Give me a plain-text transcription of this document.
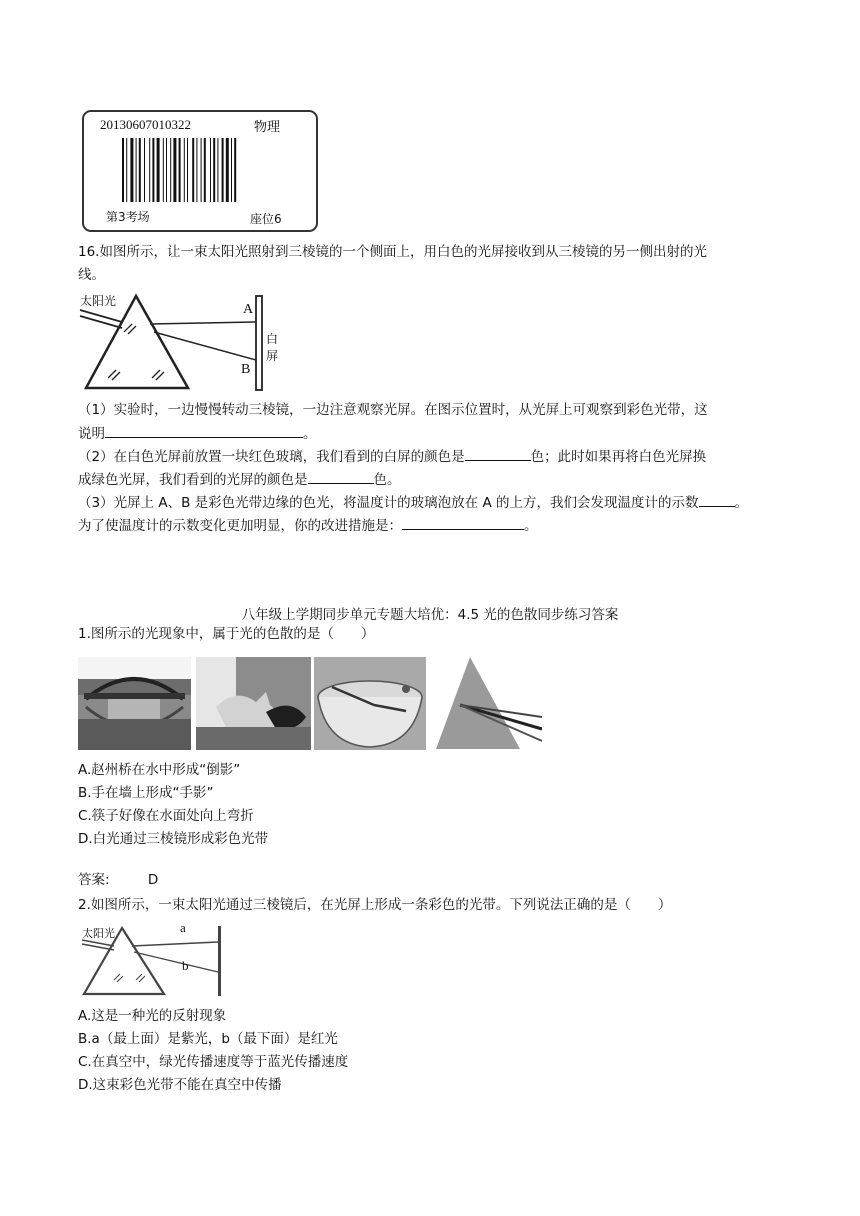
20130607010322	物理
第3考场	座位6
16.如图所示，让一束太阳光照射到三棱镜的一个侧面上，用白色的光屏接收到从三棱镜的另一侧出射的光
线。
太阳光
A
B
白
屏
（1）实验时，一边慢慢转动三棱镜，一边注意观察光屏。在图示位置时，从光屏上可观察到彩色光带，这
说明	。
（2）在白色光屏前放置一块红色玻璃，我们看到的白屏的颜色是	色；此时如果再将白色光屏换
成绿色光屏，我们看到的光屏的颜色是	色。
（3）光屏上 A、B 是彩色光带边缘的色光，将温度计的玻璃泡放在 A 的上方，我们会发现温度计的示数	。
为了使温度计的示数变化更加明显，你的改进措施是：	。
八年级上学期同步单元专题大培优：4.5 光的色散同步练习答案
1.图所示的光现象中，属于光的色散的是（　　）
A.赵州桥在水中形成“倒影”
B.手在墙上形成“手影”
C.筷子好像在水面处向上弯折
D.白光通过三棱镜形成彩色光带
答案:	D
2.如图所示，一束太阳光通过三棱镜后，在光屏上形成一条彩色的光带。下列说法正确的是（　　）
太阳光	a
b
A.这是一种光的反射现象
B.a（最上面）是紫光，b（最下面）是红光
C.在真空中，绿光传播速度等于蓝光传播速度
D.这束彩色光带不能在真空中传播
